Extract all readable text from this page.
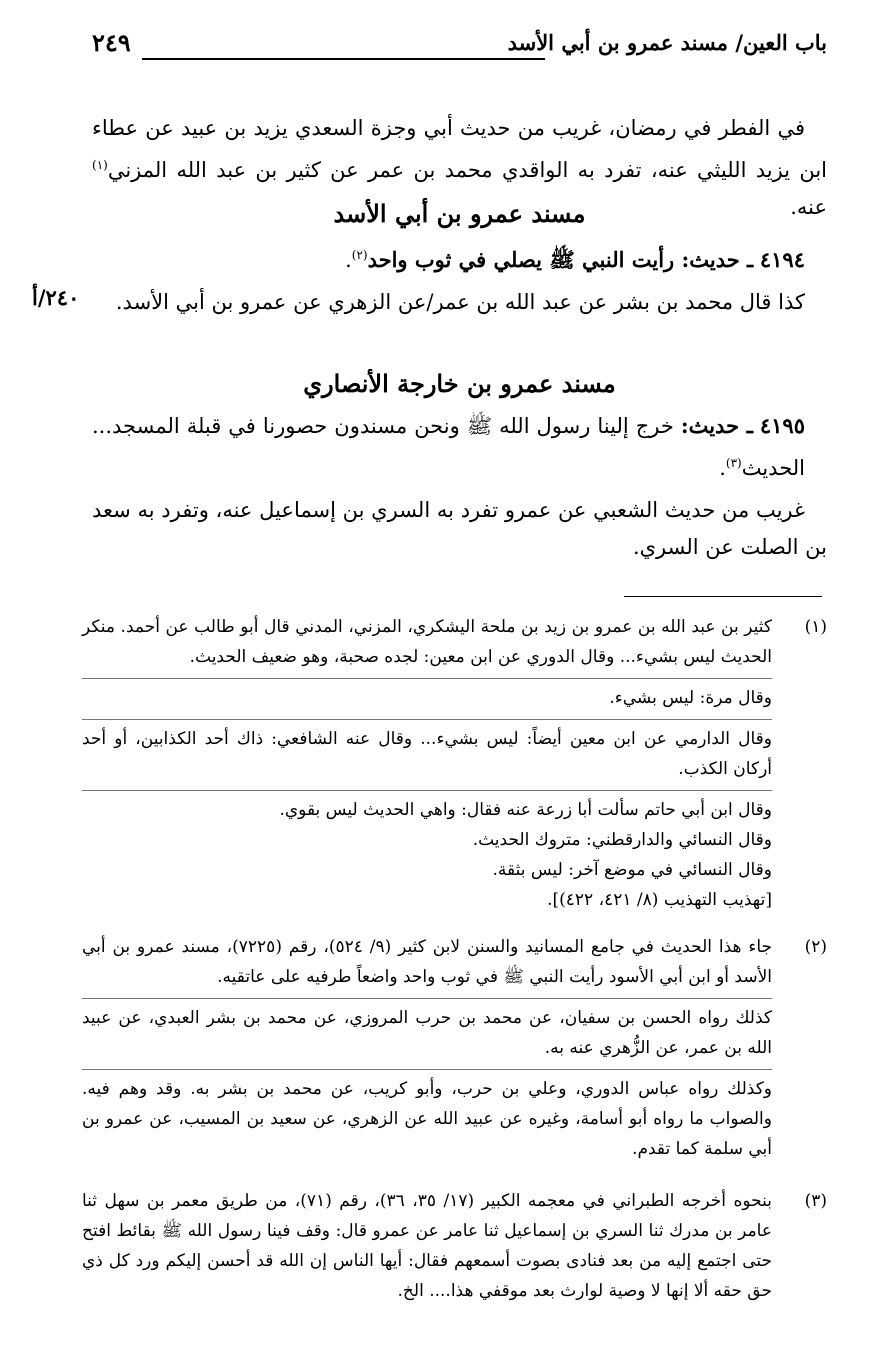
باب العين/ مسند عمرو بن أبي الأسد
٢٤٩

في الفطر في رمضان، غريب من حديث أبي وجزة السعدي يزيد بن عبيد عن عطاء ابن يزيد الليثي عنه، تفرد به الواقدي محمد بن عمر عن كثير بن عبد الله المزني$^{(١)}$ عنه.

مسند عمرو بن أبي الأسد

٤١٩٤ ـ حديث: رأيت النبي ﷺ يصلي في ثوب واحد$^{(٢)}$.

كذا قال محمد بن بشر عن عبد الله بن عمر/عن الزهري عن عمرو بن أبي الأسد.

٢٤٠/أ

مسند عمرو بن خارجة الأنصاري

٤١٩٥ ـ حديث: خرج إلينا رسول الله ﷺ ونحن مسندون حصورنا في قبلة المسجد... الحديث$^{(٣)}$.

غريب من حديث الشعبي عن عمرو تفرد به السري بن إسماعيل عنه، وتفرد به سعد بن الصلت عن السري.

(١)

كثير بن عبد الله بن عمرو بن زيد بن ملحة اليشكري، المزني، المدني قال أبو طالب عن أحمد. منكر الحديث ليس بشيء... وقال الدوري عن ابن معين: لجده صحبة، وهو ضعيف الحديث.

وقال مرة: ليس بشيء.

وقال الدارمي عن ابن معين أيضاً: ليس بشيء... وقال عنه الشافعي: ذاك أحد الكذابين، أو أحد أركان الكذب.

وقال ابن أبي حاتم سألت أبا زرعة عنه فقال: واهي الحديث ليس بقوي.

وقال النسائي والدارقطني: متروك الحديث.

وقال النسائي في موضع آخر: ليس بثقة.

[تهذيب التهذيب (٨/ ٤٢١، ٤٢٢)].

(٢)

جاء هذا الحديث في جامع المسانيد والسنن لابن كثير (٩/ ٥٢٤)، رقم (٧٢٢٥)، مسند عمرو بن أبي الأسد أو ابن أبي الأسود رأيت النبي ﷺ في ثوب واحد واضعاً طرفيه على عاتقيه.

كذلك رواه الحسن بن سفيان، عن محمد بن حرب المروزي، عن محمد بن بشر العبدي، عن عبيد الله بن عمر، عن الزُّهري عنه به.

وكذلك رواه عباس الدوري، وعلي بن حرب، وأبو كريب، عن محمد بن بشر به. وقد وهم فيه. والصواب ما رواه أبو أسامة، وغيره عن عبيد الله عن الزهري، عن سعيد بن المسيب، عن عمرو بن أبي سلمة كما تقدم.

(٣)

بنحوه أخرجه الطبراني في معجمه الكبير (١٧/ ٣٥، ٣٦)، رقم (٧١)، من طريق معمر بن سهل ثنا عامر بن مدرك ثنا السري بن إسماعيل ثنا عامر عن عمرو قال: وقف فينا رسول الله ﷺ بقائط افتح حتى اجتمع إليه من بعد فنادى بصوت أسمعهم فقال: أيها الناس إن الله قد أحسن إليكم ورد كل ذي حق حقه ألا إنها لا وصية لوارث بعد موقفي هذا.... الخ.
